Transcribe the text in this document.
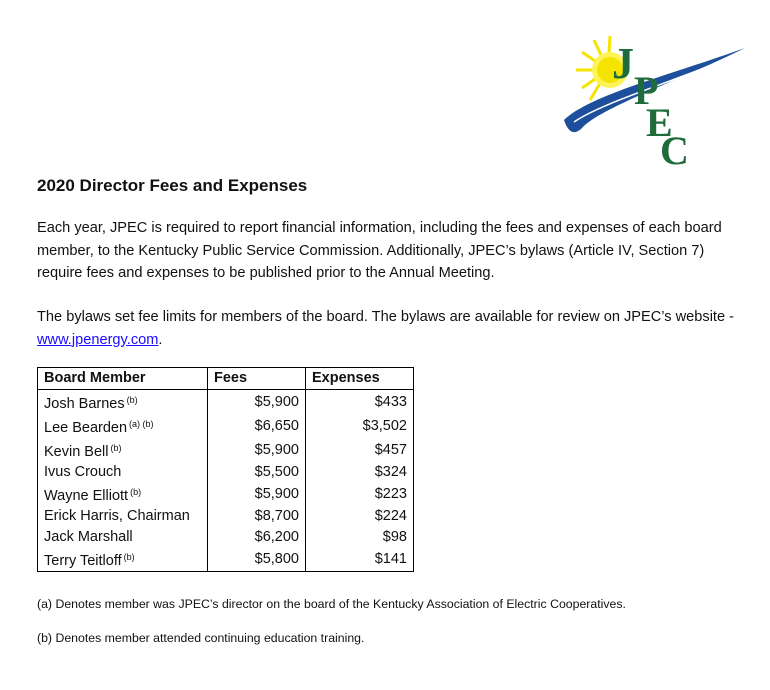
J
P
E
C
2020 Director Fees and Expenses

Each year, JPEC is required to report financial information, including the fees and expenses of each board member, to the Kentucky Public Service Commission. Additionally, JPEC’s bylaws (Article IV, Section 7) require fees and expenses to be published prior to the Annual Meeting.

The bylaws set fee limits for members of the board. The bylaws are available for review on JPEC’s website - www.jpenergy.com.

Board Member	Fees	Expenses
Josh Barnes $^{(b)}$	$5,900	$433
Lee Bearden $^{(a) (b)}$	$6,650	$3,502
Kevin Bell $^{(b)}$	$5,900	$457
Ivus Crouch	$5,500	$324
Wayne Elliott $^{(b)}$	$5,900	$223
Erick Harris, Chairman	$8,700	$224
Jack Marshall	$6,200	$98
Terry Teitloff $^{(b)}$	$5,800	$141

(a) Denotes member was JPEC’s director on the board of the Kentucky Association of Electric Cooperatives.

(b) Denotes member attended continuing education training.
